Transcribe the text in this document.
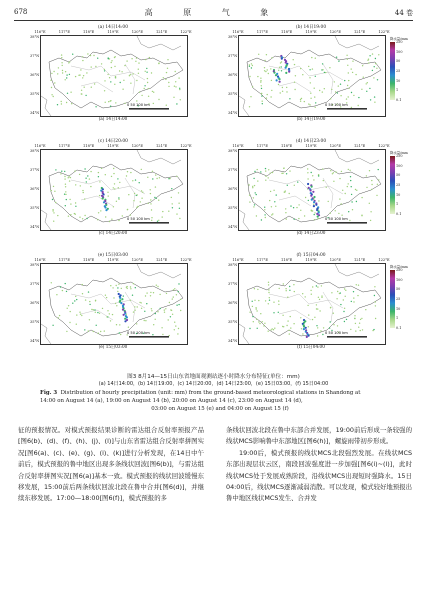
678	高 原 气 象	44 卷
(a) 14日14:00
116°E	117°E	118°E	119°E	120°E	121°E	122°E
38°N
37°N
36°N
35°N
34°N
0 50 100 km
(a) 14日14:00
(b) 14日19:00
116°E	117°E	118°E	119°E	120°E	121°E	122°E
38°N
37°N
36°N
35°N
34°N
0 50 100 km
(b) 14日19:00
降水量/mm
250
100
50
25
10
1
0.1
(c) 14日20:00
116°E	117°E	118°E	119°E	120°E	121°E	122°E
38°N
37°N
36°N
35°N
34°N
0 50 100 km
(c) 14日20:00
(d) 14日23:00
116°E	117°E	118°E	119°E	120°E	121°E	122°E
38°N
37°N
36°N
35°N
34°N
0 50 100 km
(d) 14日23:00
降水量/mm
250
100
50
25
10
1
0.1
(e) 15日03:00
116°E	117°E	118°E	119°E	120°E	121°E	122°E
38°N
37°N
36°N
35°N
34°N
0 50 100 km
(e) 15日03:00
(f) 15日04:00
116°E	117°E	118°E	119°E	120°E	121°E	122°E
38°N
37°N
36°N
35°N
34°N
0 50 100 km
(f) 15日04:00
降水量/mm
250
100
50
25
10
1
0.1
图3 8月14—15日山东省地面观测站逐小时降水分布特征(单位：mm)
(a) 14日14:00，(b) 14日19:00，(c) 14日20:00，(d) 14日23:00，(e) 15日03:00，(f) 15日04:00
Fig. 3 Distribution of hourly precipitation (unit: mm) from the ground-based meteorological stations in Shandong at
14:00 on August 14 (a), 19:00 on August 14 (b), 20:00 on August 14 (c), 23:00 on August 14 (d),
03:00 on August 15 (e) and 04:00 on August 15 (f)

征的预报情况。对模式预报结果诊断的雷达组合反射率预报产品[图6(b)、(d)、(f)、(h)、(j)、(l)]与山东省雷达组合反射率拼图实况[图6(a)、(c)、(e)、(g)、(i)、(k)]进行分析发现，在14日中午前后，模式预报的鲁中地区出现多条线状回波[图6(b)]，与雷达组合反射率拼图实况[图6(a)]基本一致。模式预报的线状回波缓慢东移发展，15:00前后两条线状回波北段在鲁中合并[图6(d)]，并继续东移发展。17:00—18:00[图6(f)]，模式预报的多

条线状回波北段在鲁中东部合并发展，19:00前后形成一条较强的线状MCS影响鲁中东部地区[图6(h)]，螺旋雨带初步形成。

19:00后，模式预报的线状MCS北段强烈发展。在线状MCS东部出现层状云区，南段回波强度进一步加强[图6(i)~(l)]，此时线状MCS处于发展成熟阶段，沿线状MCS出现短时强降水。15日04:00后，线状MCS逐渐减弱消散。可以发现，模式较好地预报出鲁中地区线状MCS发生、合并发
